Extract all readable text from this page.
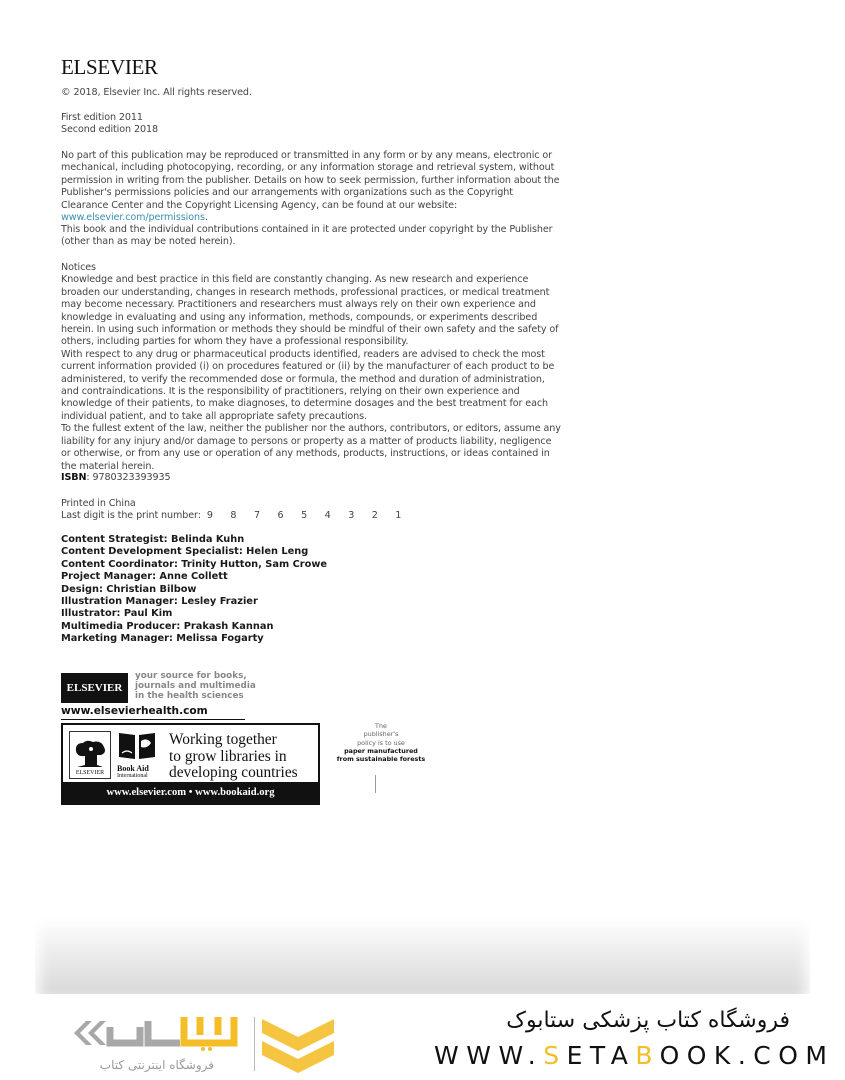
ELSEVIER
© 2018, Elsevier Inc. All rights reserved.

First edition 2011

Second edition 2018

No part of this publication may be reproduced or transmitted in any form or by any means, electronic or mechanical, including photocopying, recording, or any information storage and retrieval system, without permission in writing from the publisher. Details on how to seek permission, further information about the Publisher's permissions policies and our arrangements with organizations such as the Copyright Clearance Center and the Copyright Licensing Agency, can be found at our website: www.elsevier.com/permissions.
This book and the individual contributions contained in it are protected under copyright by the Publisher (other than as may be noted herein).

Notices

Knowledge and best practice in this field are constantly changing. As new research and experience broaden our understanding, changes in research methods, professional practices, or medical treatment may become necessary. Practitioners and researchers must always rely on their own experience and knowledge in evaluating and using any information, methods, compounds, or experiments described herein. In using such information or methods they should be mindful of their own safety and the safety of others, including parties for whom they have a professional responsibility.

With respect to any drug or pharmaceutical products identified, readers are advised to check the most current information provided (i) on procedures featured or (ii) by the manufacturer of each product to be administered, to verify the recommended dose or formula, the method and duration of administration, and contraindications. It is the responsibility of practitioners, relying on their own experience and knowledge of their patients, to make diagnoses, to determine dosages and the best treatment for each individual patient, and to take all appropriate safety precautions.

To the fullest extent of the law, neither the publisher nor the authors, contributors, or editors, assume any liability for any injury and/or damage to persons or property as a matter of products liability, negligence or otherwise, or from any use or operation of any methods, products, instructions, or ideas contained in the material herein.

ISBN: 9780323393935

Printed in China

Last digit is the print number: 9 8 7 6 5 4 3 2 1

Content Strategist: Belinda Kuhn

Content Development Specialist: Helen Leng

Content Coordinator: Trinity Hutton, Sam Crowe

Project Manager: Anne Collett

Design: Christian Bilbow

Illustration Manager: Lesley Frazier

Illustrator: Paul Kim

Multimedia Producer: Prakash Kannan

Marketing Manager: Melissa Fogarty

ELSEVIER

your source for books,

journals and multimedia

in the health sciences

www.elsevierhealth.com
ELSEVIER Book Aid
International

Working together

to grow libraries in

developing countries

www.elsevier.com • www.bookaid.org

The

publisher's

policy is to use

paper manufactured

from sustainable forests

فروشگاه اینترنتی کتاب
فروشگاه کتاب پزشکی ستابوک
WWW.SETABOOK.COM
